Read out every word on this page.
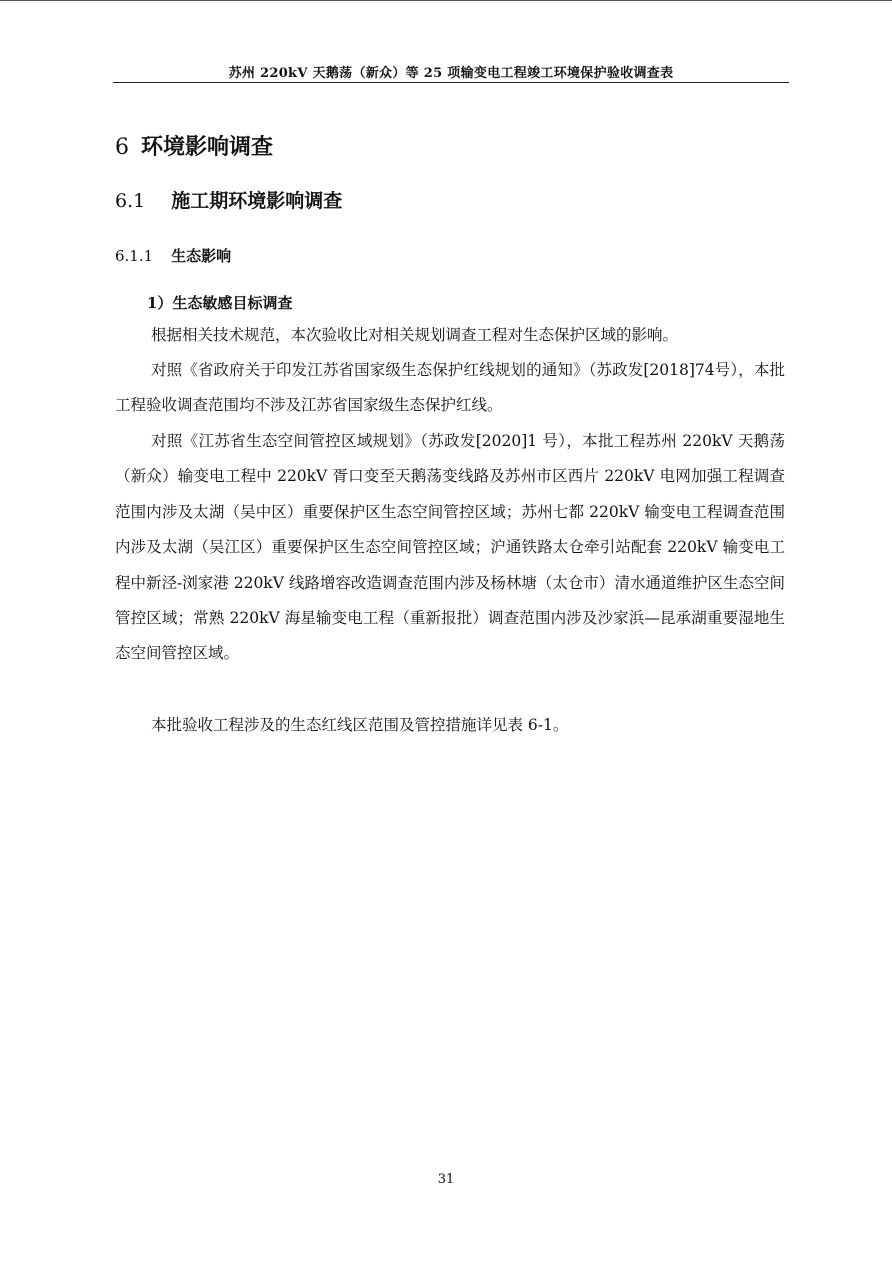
苏州 220kV 天鹅荡（新众）等 25 项输变电工程竣工环境保护验收调查表
6 环境影响调查
6.1 施工期环境影响调查
6.1.1 生态影响
1）生态敏感目标调查

根据相关技术规范，本次验收比对相关规划调查工程对生态保护区域的影响。

对照《省政府关于印发江苏省国家级生态保护红线规划的通知》（苏政发[2018]74号），本批工程验收调查范围均不涉及江苏省国家级生态保护红线。

对照《江苏省生态空间管控区域规划》（苏政发[2020]1 号），本批工程苏州 220kV 天鹅荡（新众）输变电工程中 220kV 胥口变至天鹅荡变线路及苏州市区西片 220kV 电网加强工程调查范围内涉及太湖（吴中区）重要保护区生态空间管控区域；苏州七都 220kV 输变电工程调查范围内涉及太湖（吴江区）重要保护区生态空间管控区域；沪通铁路太仓牵引站配套 220kV 输变电工程中新泾-浏家港 220kV 线路增容改造调查范围内涉及杨林塘（太仓市）清水通道维护区生态空间管控区域；常熟 220kV 海星输变电工程（重新报批）调查范围内涉及沙家浜—昆承湖重要湿地生态空间管控区域。

本批验收工程涉及的生态红线区范围及管控措施详见表 6-1。

31
